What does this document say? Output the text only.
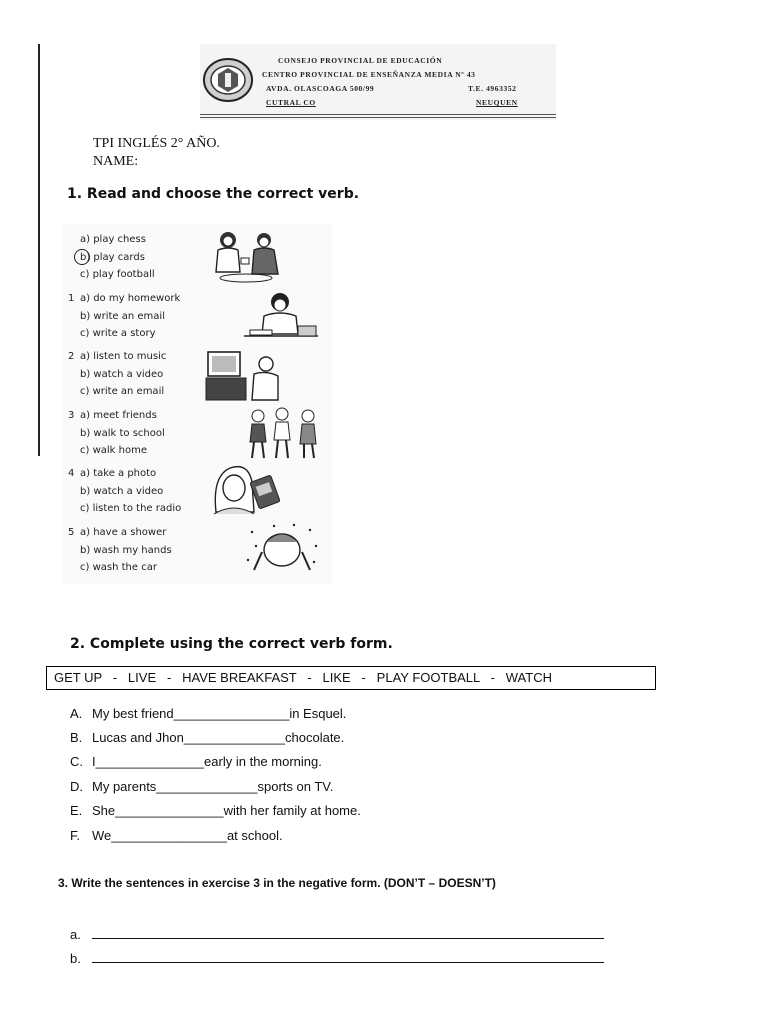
CONSEJO PROVINCIAL DE EDUCACIÓN
CENTRO PROVINCIAL DE ENSEÑANZA MEDIA Nº 43
AVDA. OLASCOAGA 500/99	T.E. 4963352
CUTRAL CO	NEUQUEN
TPI INGLÉS 2° AÑO.
NAME:
1. Read and choose the correct verb.
a) play chess
b) play cards
c) play football
1 a) do my homework
b) write an email
c) write a story
2 a) listen to music
b) watch a video
c) write an email
3 a) meet friends
b) walk to school
c) walk home
4 a) take a photo
b) watch a video
c) listen to the radio
5 a) have a shower
b) wash my hands
c) wash the car
2. Complete using the correct verb form.
GET UP   -   LIVE   -   HAVE BREAKFAST   -   LIKE   -   PLAY FOOTBALL   -   WATCH
A. My best friend________________in Esquel.
B. Lucas and Jhon______________chocolate.
C. I_______________early in the morning.
D. My parents______________sports on TV.
E. She_______________with her family at home.
F. We________________at school.
3. Write the sentences in exercise 3 in the negative form. (DON’T – DOESN’T)
a.
b.
